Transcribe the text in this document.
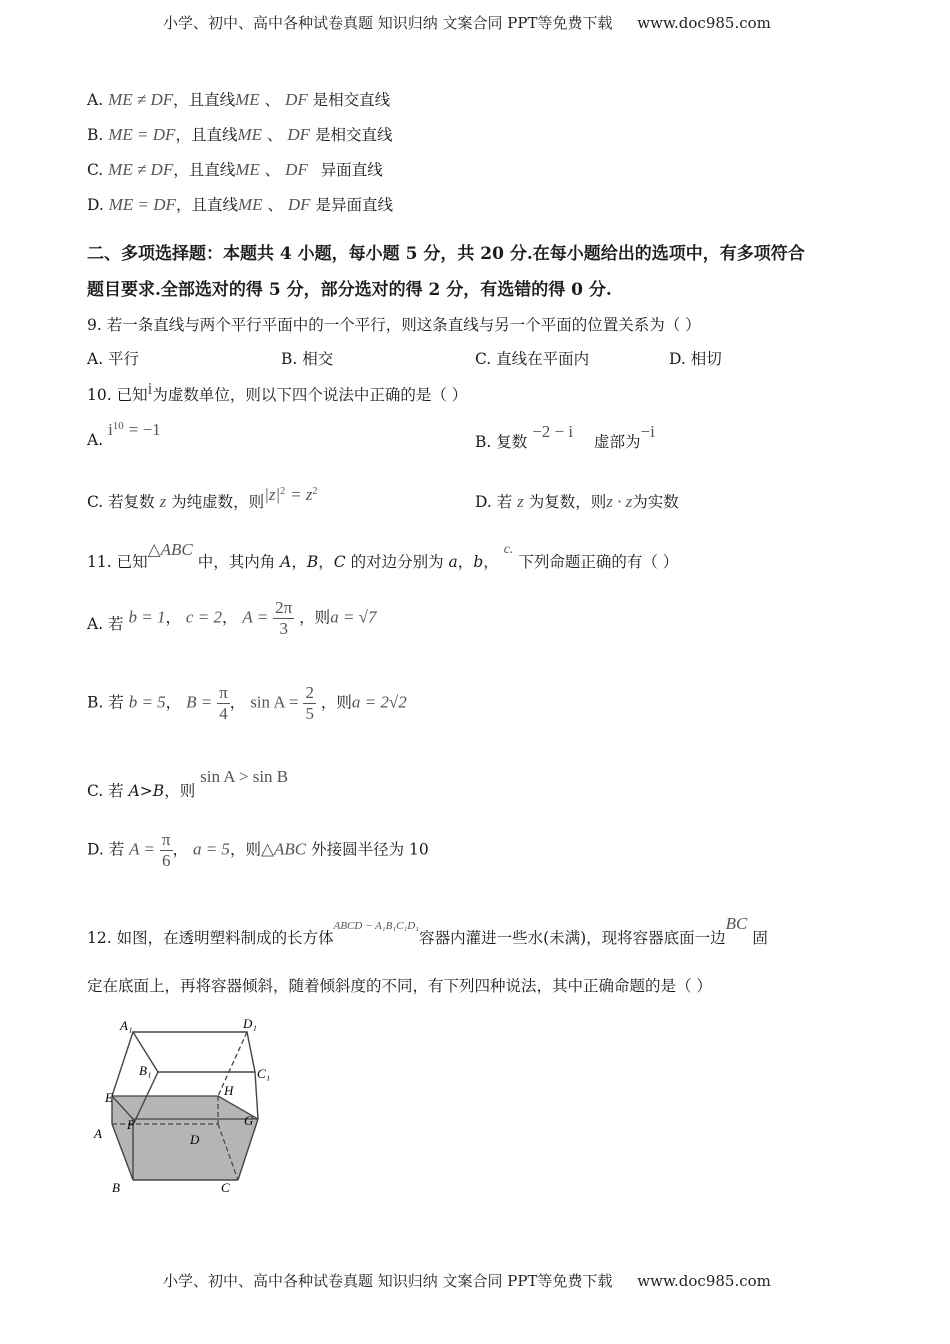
小学、初中、高中各种试卷真题 知识归纳 文案合同 PPT等免费下载 www.doc985.com
A. ME ≠ DF，且直线ME 、 DF 是相交直线
B. ME = DF，且直线ME 、 DF 是相交直线
C. ME ≠ DF，且直线ME 、 DF 异面直线
D. ME = DF，且直线ME 、 DF 是异面直线
二、多项选择题：本题共 4 小题，每小题 5 分，共 20 分.在每小题给出的选项中，有多项符合
题目要求.全部选对的得 5 分，部分选对的得 2 分，有选错的得 0 分.
9. 若一条直线与两个平行平面中的一个平行，则这条直线与另一个平面的位置关系为（ ）
A. 平行	B. 相交	C. 直线在平面内	D. 相切
10. 已知i为虚数单位，则以下四个说法中正确的是（ ）
A. $i^{10} = -1$
B. 复数 −2 − i 虚部为−i
C. 若复数 z 为纯虚数，则$|z|^2 = z^2$
D. 若 z 为复数，则z · z为实数
11. 已知△ABC 中，其内角 A，B，C 的对边分别为 a，b， c. 下列命题正确的有（ ）
A. 若 b = 1， c = 2， $A = \frac{2\pi}{3}$ ，则a = √7
B. 若 b = 5， $B = \frac{\pi}{4}$ ， $\sin A = \frac{2}{5}$ ，则a = 2√2
C. 若 A>B，则 sin A > sin B
D. 若 $A = \frac{\pi}{6}$ ， a = 5，则△ABC 外接圆半径为 10
12. 如图，在透明塑料制成的长方体ABCD − A₁B₁C₁D₁容器内灌进一些水(未满)，现将容器底面一边BC 固
定在底面上，再将容器倾斜，随着倾斜度的不同，有下列四种说法，其中正确命题的是（ ）
A₁	D₁
B₁	C₁
E	H
A
F	G
D
B	C
小学、初中、高中各种试卷真题 知识归纳 文案合同 PPT等免费下载 www.doc985.com
